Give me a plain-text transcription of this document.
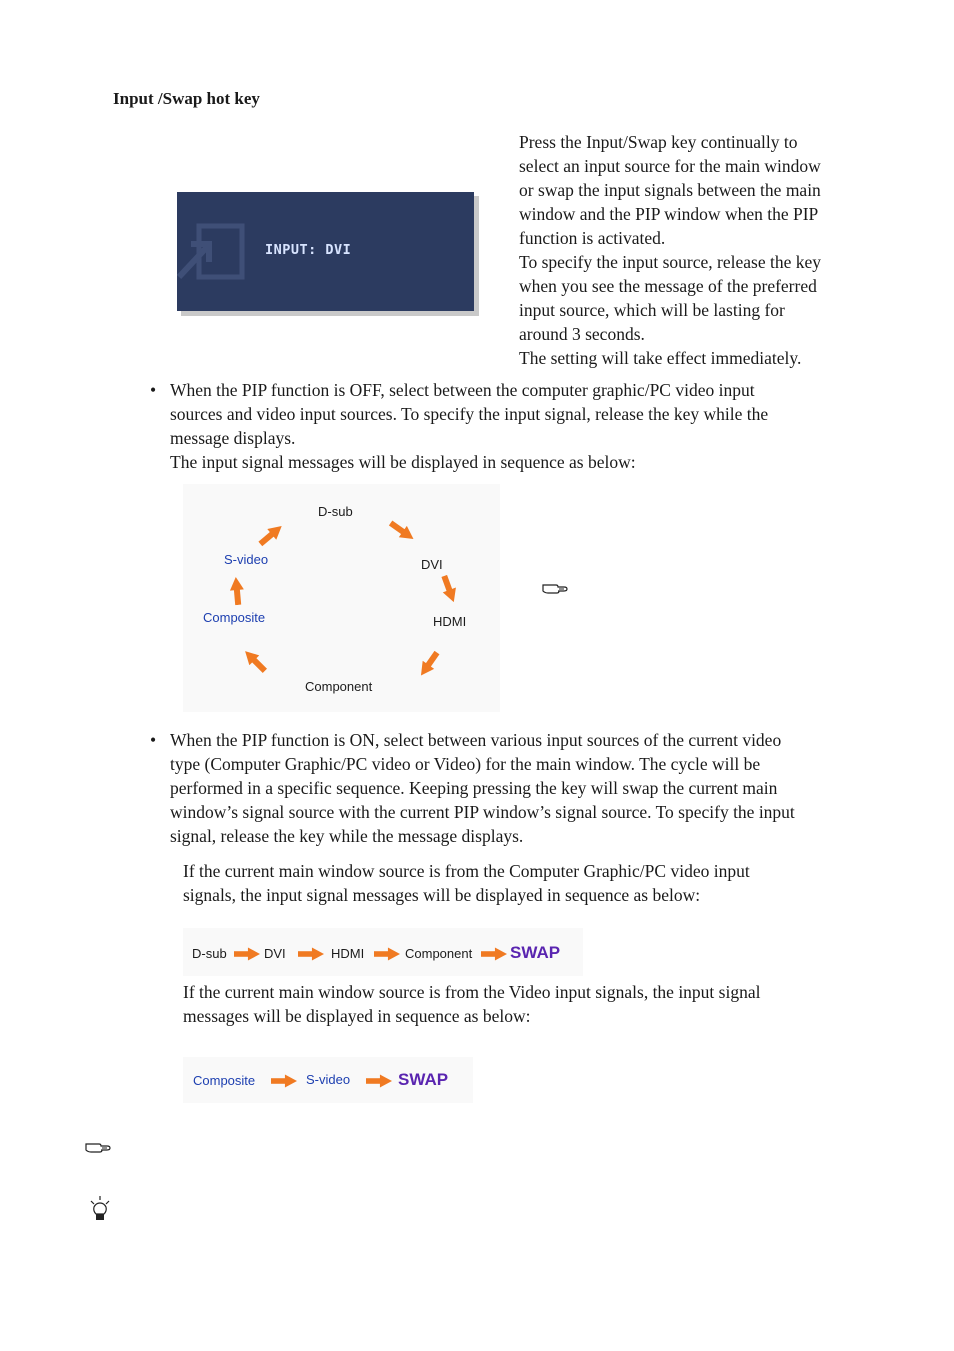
Input /Swap hot key
INPUT: DVI
Press the Input/Swap key continually to
select an input source for the main window
or swap the input signals between the main
window and the PIP window when the PIP
function is activated.
To specify the input source, release the key
when you see the message of the preferred
input source, which will be lasting for
around 3 seconds.
The setting will take effect immediately.
• When the PIP function is OFF, select between the computer graphic/PC video input
sources and video input sources. To specify the input signal, release the key while the
message displays.
The input signal messages will be displayed in sequence as below:
D-sub
DVI
HDMI
Component
Composite
S-video
• When the PIP function is ON, select between various input sources of the current video
type (Computer Graphic/PC video or Video) for the main window. The cycle will be
performed in a specific sequence. Keeping pressing the key will swap the current main
window’s signal source with the current PIP window’s signal source. To specify the input
signal, release the key while the message displays.
If the current main window source is from the Computer Graphic/PC video input
signals, the input signal messages will be displayed in sequence as below:
D-sub	DVI	HDMI	Component SWAP
If the current main window source is from the Video input signals, the input signal
messages will be displayed in sequence as below:
Composite	S-video	SWAP
